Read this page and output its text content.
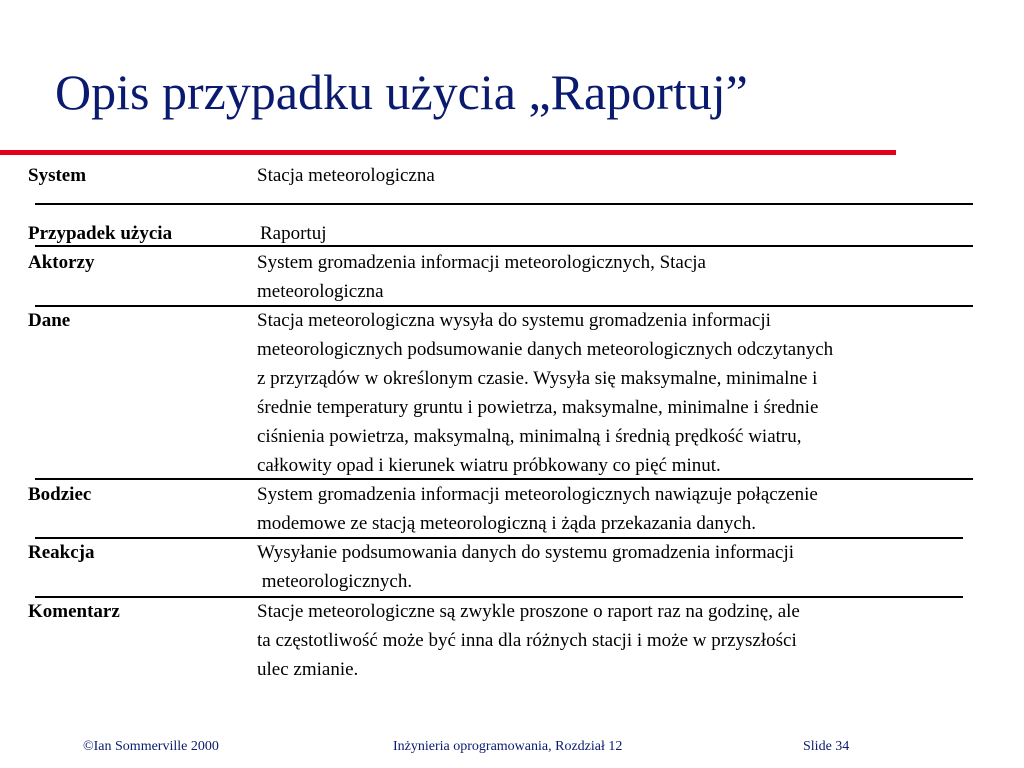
Opis przypadku użycia „Raportuj”
System	Stacja meteorologiczna
Przypadek użycia	Raportuj
Aktorzy	System gromadzenia informacji meteorologicznych, Stacja
meteorologiczna
Dane	Stacja meteorologiczna wysyła do systemu gromadzenia informacji
meteorologicznych podsumowanie danych meteorologicznych odczytanych
z przyrządów w określonym czasie. Wysyła się maksymalne, minimalne i
średnie temperatury gruntu i powietrza, maksymalne, minimalne i średnie
ciśnienia powietrza, maksymalną, minimalną i średnią prędkość wiatru,
całkowity opad i kierunek wiatru próbkowany co pięć minut.
Bodziec	System gromadzenia informacji meteorologicznych nawiązuje połączenie
modemowe ze stacją meteorologiczną i żąda przekazania danych.
Reakcja	Wysyłanie podsumowania danych do systemu gromadzenia informacji
meteorologicznych.
Komentarz	Stacje meteorologiczne są zwykle proszone o raport raz na godzinę, ale
ta częstotliwość może być inna dla różnych stacji i może w przyszłości
ulec zmianie.
©Ian Sommerville 2000	Inżynieria oprogramowania, Rozdział 12	Slide 34
